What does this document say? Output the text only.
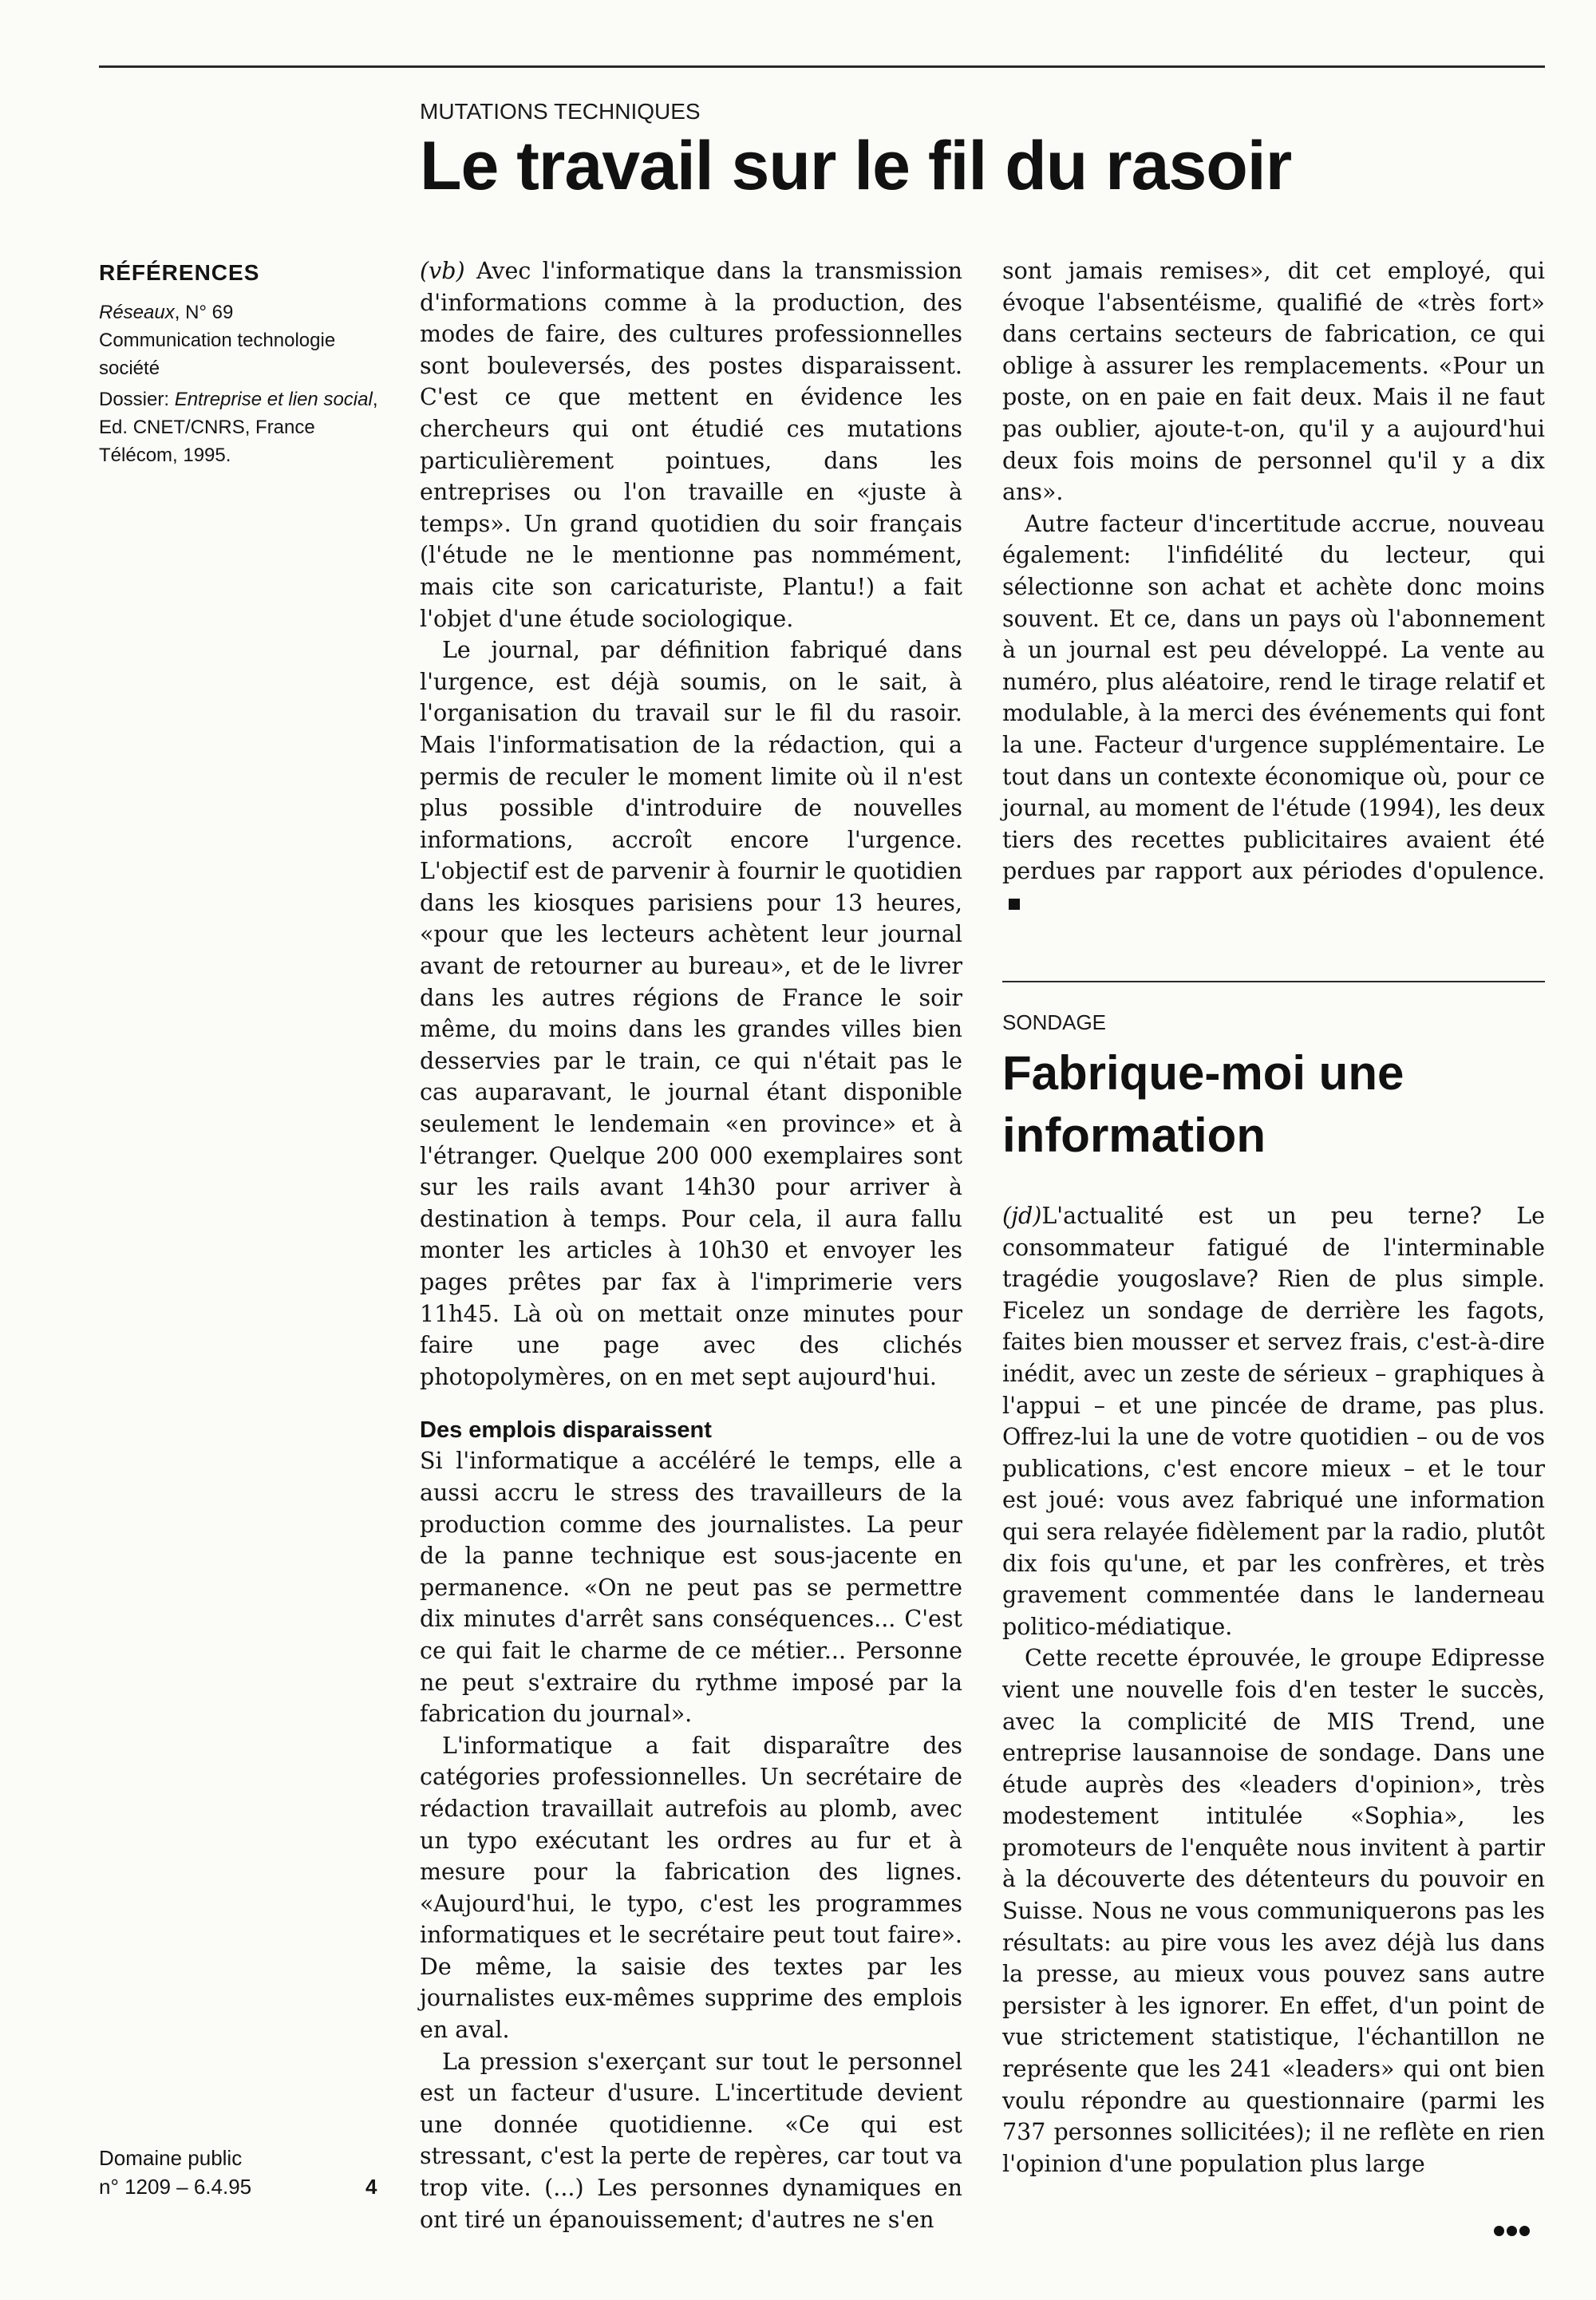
MUTATIONS TECHNIQUES
Le travail sur le fil du rasoir
RÉFÉRENCES

Réseaux, N° 69
Communication technologie société

Dossier: Entreprise et lien social, Ed. CNET/CNRS, France Télécom, 1995.

(vb) Avec l'informatique dans la transmission d'informations comme à la production, des modes de faire, des cultures professionnelles sont bouleversés, des postes disparaissent. C'est ce que mettent en évidence les chercheurs qui ont étudié ces mutations particulièrement pointues, dans les entreprises ou l'on travaille en «juste à temps». Un grand quotidien du soir français (l'étude ne le mentionne pas nommément, mais cite son caricaturiste, Plantu!) a fait l'objet d'une étude sociologique.

Le journal, par définition fabriqué dans l'urgence, est déjà soumis, on le sait, à l'organisation du travail sur le fil du rasoir. Mais l'informatisation de la rédaction, qui a permis de reculer le moment limite où il n'est plus possible d'introduire de nouvelles informations, accroît encore l'urgence. L'objectif est de parvenir à fournir le quotidien dans les kiosques parisiens pour 13 heures, «pour que les lecteurs achètent leur journal avant de retourner au bureau», et de le livrer dans les autres régions de France le soir même, du moins dans les grandes villes bien desservies par le train, ce qui n'était pas le cas auparavant, le journal étant disponible seulement le lendemain «en province» et à l'étranger. Quelque 200 000 exemplaires sont sur les rails avant 14h30 pour arriver à destination à temps. Pour cela, il aura fallu monter les articles à 10h30 et envoyer les pages prêtes par fax à l'imprimerie vers 11h45. Là où on mettait onze minutes pour faire une page avec des clichés photopolymères, on en met sept aujourd'hui.

Des emplois disparaissent

Si l'informatique a accéléré le temps, elle a aussi accru le stress des travailleurs de la production comme des journalistes. La peur de la panne technique est sous-jacente en permanence. «On ne peut pas se permettre dix minutes d'arrêt sans conséquences... C'est ce qui fait le charme de ce métier... Personne ne peut s'extraire du rythme imposé par la fabrication du journal».

L'informatique a fait disparaître des catégories professionnelles. Un secrétaire de rédaction travaillait autrefois au plomb, avec un typo exécutant les ordres au fur et à mesure pour la fabrication des lignes. «Aujourd'hui, le typo, c'est les programmes informatiques et le secrétaire peut tout faire». De même, la saisie des textes par les journalistes eux-mêmes supprime des emplois en aval.

La pression s'exerçant sur tout le personnel est un facteur d'usure. L'incertitude devient une donnée quotidienne. «Ce qui est stressant, c'est la perte de repères, car tout va trop vite. (...) Les personnes dynamiques en ont tiré un épanouissement; d'autres ne s'en

sont jamais remises», dit cet employé, qui évoque l'absentéisme, qualifié de «très fort» dans certains secteurs de fabrication, ce qui oblige à assurer les remplacements. «Pour un poste, on en paie en fait deux. Mais il ne faut pas oublier, ajoute-t-on, qu'il y a aujourd'hui deux fois moins de personnel qu'il y a dix ans».

Autre facteur d'incertitude accrue, nouveau également: l'infidélité du lecteur, qui sélectionne son achat et achète donc moins souvent. Et ce, dans un pays où l'abonnement à un journal est peu développé. La vente au numéro, plus aléatoire, rend le tirage relatif et modulable, à la merci des événements qui font la une. Facteur d'urgence supplémentaire. Le tout dans un contexte économique où, pour ce journal, au moment de l'étude (1994), les deux tiers des recettes publicitaires avaient été perdues par rapport aux périodes d'opulence.

SONDAGE
Fabrique-moi une
information

(jd)L'actualité est un peu terne? Le consommateur fatigué de l'interminable tragédie yougoslave? Rien de plus simple. Ficelez un sondage de derrière les fagots, faites bien mousser et servez frais, c'est-à-dire inédit, avec un zeste de sérieux – graphiques à l'appui – et une pincée de drame, pas plus. Offrez-lui la une de votre quotidien – ou de vos publications, c'est encore mieux – et le tour est joué: vous avez fabriqué une information qui sera relayée fidèlement par la radio, plutôt dix fois qu'une, et par les confrères, et très gravement commentée dans le landerneau politico-médiatique.

Cette recette éprouvée, le groupe Edipresse vient une nouvelle fois d'en tester le succès, avec la complicité de MIS Trend, une entreprise lausannoise de sondage. Dans une étude auprès des «leaders d'opinion», très modestement intitulée «Sophia», les promoteurs de l'enquête nous invitent à partir à la découverte des détenteurs du pouvoir en Suisse. Nous ne vous communiquerons pas les résultats: au pire vous les avez déjà lus dans la presse, au mieux vous pouvez sans autre persister à les ignorer. En effet, d'un point de vue strictement statistique, l'échantillon ne représente que les 241 «leaders» qui ont bien voulu répondre au questionnaire (parmi les 737 personnes sollicitées); il ne reflète en rien l'opinion d'une population plus large

Domaine public
n° 1209 – 6.4.95	4
